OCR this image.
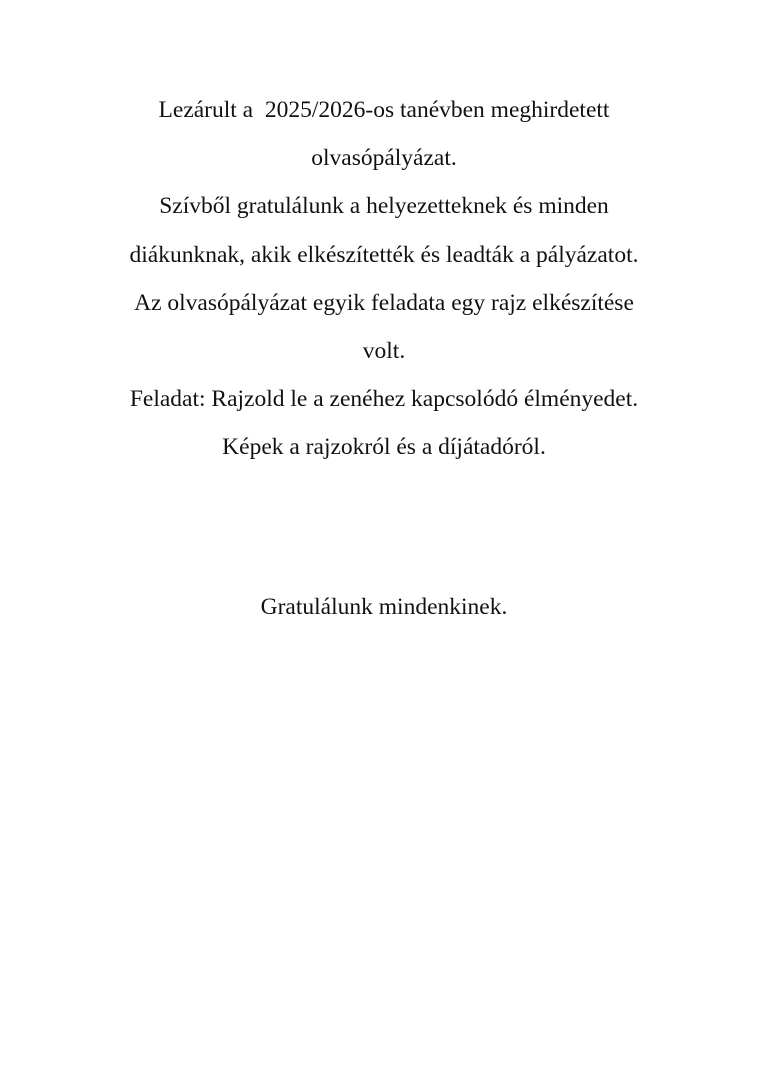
Lezárult a  2025/2026-os tanévben meghirdetett
olvasópályázat.
Szívből gratulálunk a helyezetteknek és minden
diákunknak, akik elkészítették és leadták a pályázatot.
Az olvasópályázat egyik feladata egy rajz elkészítése
volt.
Feladat: Rajzold le a zenéhez kapcsolódó élményedet.
Képek a rajzokról és a díjátadóról.
Gratulálunk mindenkinek.
